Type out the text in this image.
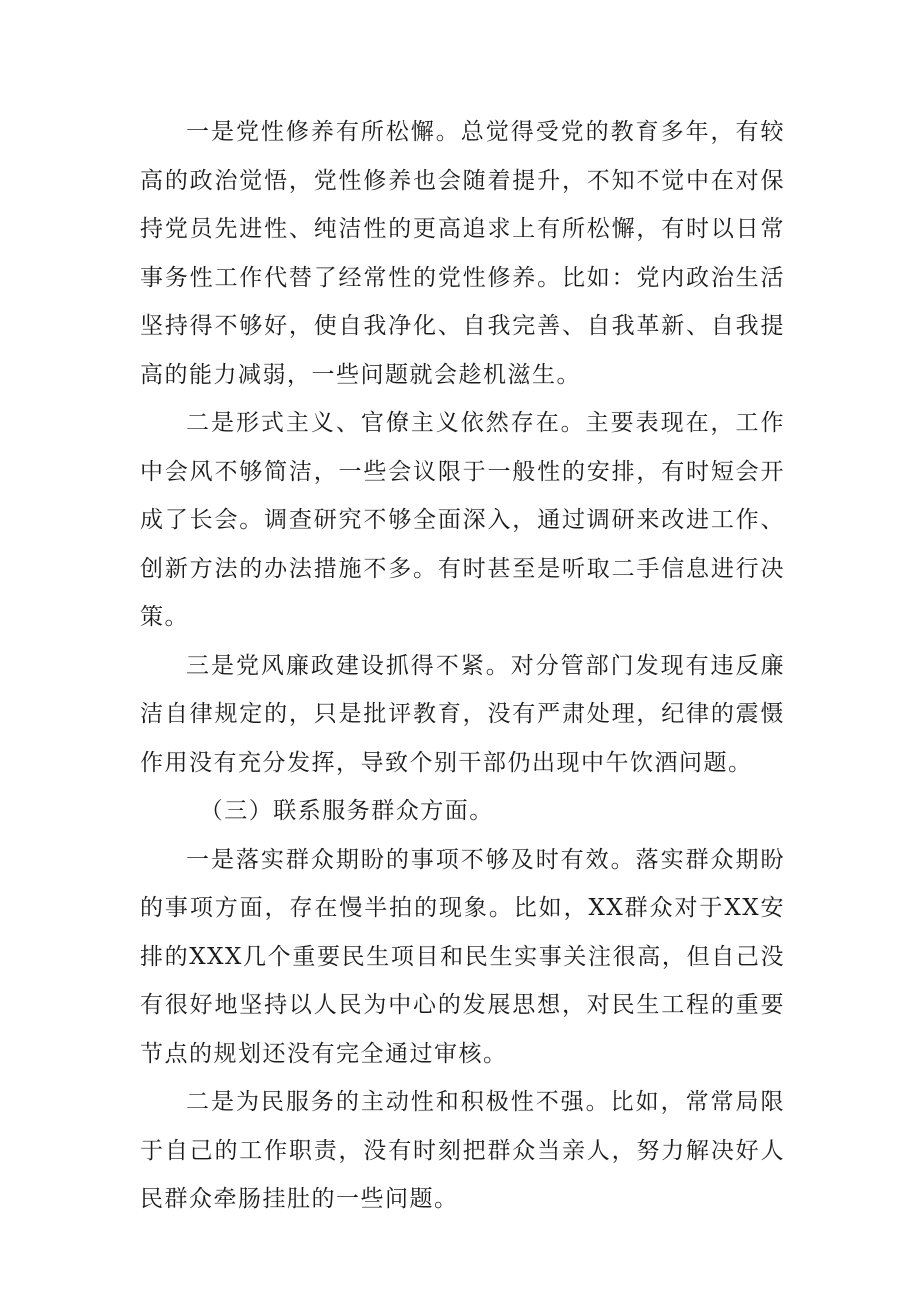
一是党性修养有所松懈。总觉得受党的教育多年，有较高的政治觉悟，党性修养也会随着提升，不知不觉中在对保持党员先进性、纯洁性的更高追求上有所松懈，有时以日常事务性工作代替了经常性的党性修养。比如：党内政治生活坚持得不够好，使自我净化、自我完善、自我革新、自我提高的能力减弱，一些问题就会趁机滋生。

二是形式主义、官僚主义依然存在。主要表现在，工作中会风不够简洁，一些会议限于一般性的安排，有时短会开成了长会。调查研究不够全面深入，通过调研来改进工作、创新方法的办法措施不多。有时甚至是听取二手信息进行决策。

三是党风廉政建设抓得不紧。对分管部门发现有违反廉洁自律规定的，只是批评教育，没有严肃处理，纪律的震慑作用没有充分发挥，导致个别干部仍出现中午饮酒问题。

（三）联系服务群众方面。

一是落实群众期盼的事项不够及时有效。落实群众期盼的事项方面，存在慢半拍的现象。比如，XX群众对于XX安排的XXX几个重要民生项目和民生实事关注很高，但自己没有很好地坚持以人民为中心的发展思想，对民生工程的重要节点的规划还没有完全通过审核。

二是为民服务的主动性和积极性不强。比如，常常局限于自己的工作职责，没有时刻把群众当亲人，努力解决好人民群众牵肠挂肚的一些问题。
